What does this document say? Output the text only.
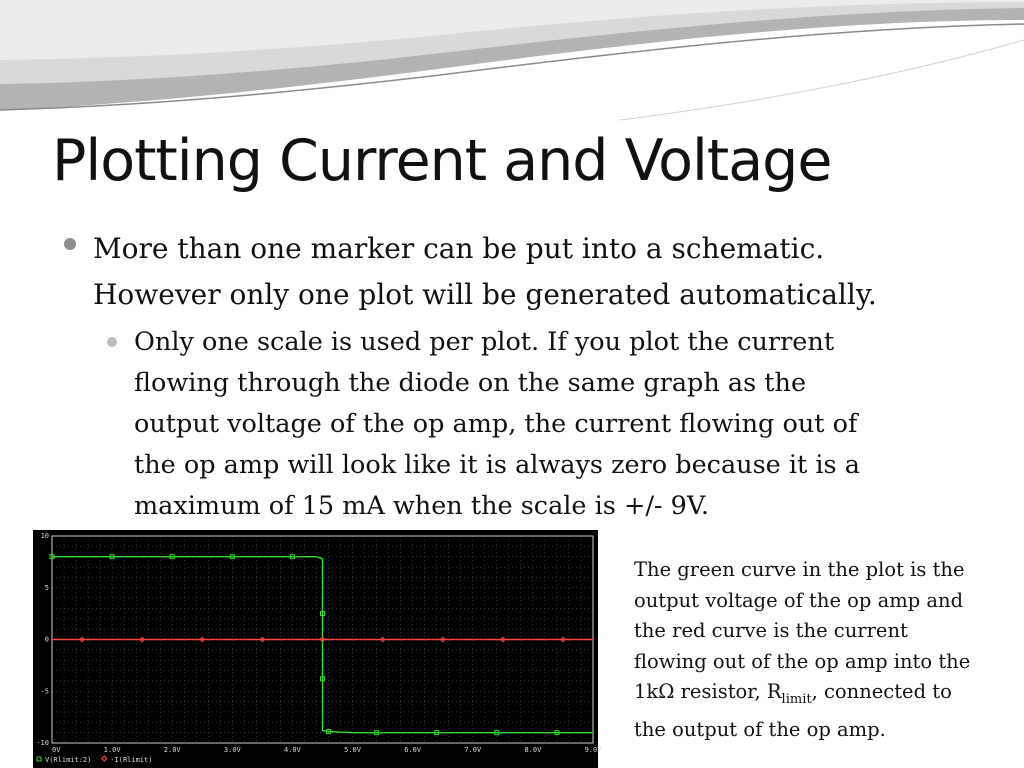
Plotting Current and Voltage
More than one marker can be put into a schematic.
However only one plot will be generated automatically.
Only one scale is used per plot. If you plot the current
flowing through the diode on the same graph as the
output voltage of the op amp, the current flowing out of
the op amp will look like it is always zero because it is a
maximum of 15 mA when the scale is +/- 9V.
10
5
0
-5
-10
0V	1.0V	2.0V	3.0V	4.0V	5.0V	6.0V	7.0V	8.0V	9.0V
V(Rlimit:2)	-I(Rlimit)
The green curve in the plot is the
output voltage of the op amp and
the red curve is the current
flowing out of the op amp into the
1kΩ resistor, $R_{limit}$, connected to
the output of the op amp.
